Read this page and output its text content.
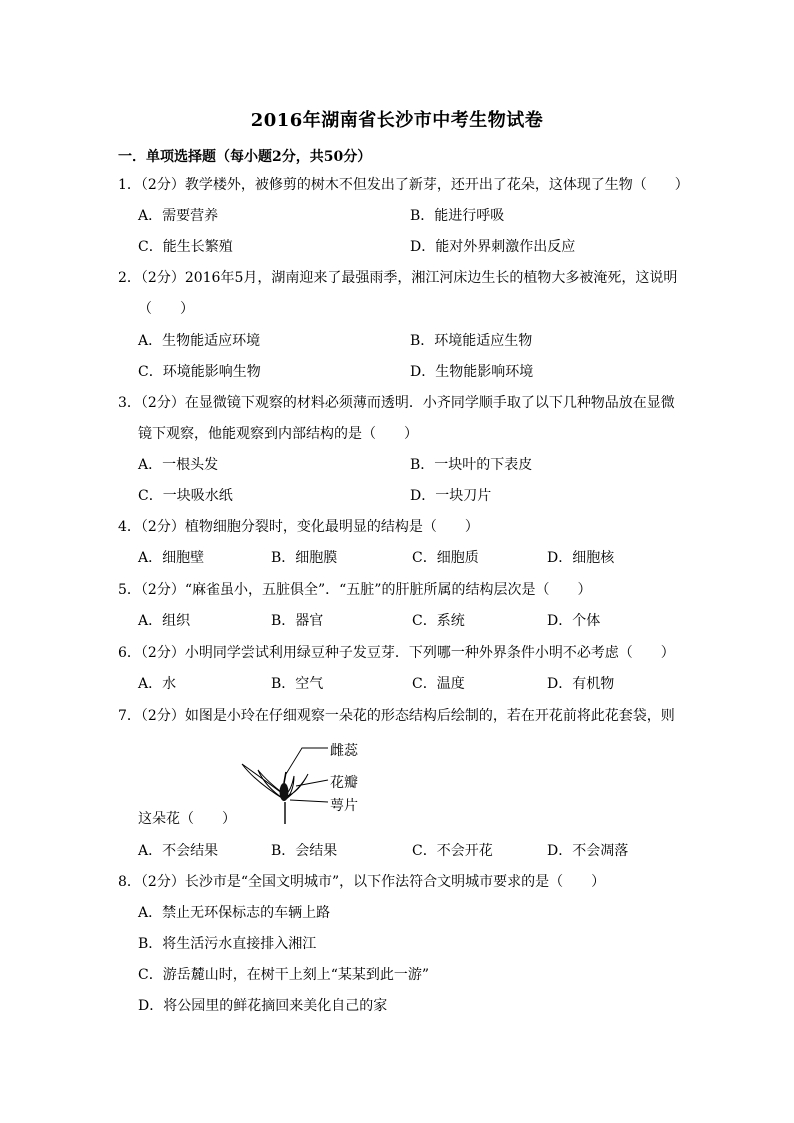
2016年湖南省长沙市中考生物试卷
一．单项选择题（每小题2分，共50分）
1．（2分）教学楼外，被修剪的树木不但发出了新芽，还开出了花朵，这体现了生物（　　）
A．需要营养	B．能进行呼吸
C．能生长繁殖	D．能对外界刺激作出反应
2．（2分）2016年5月，湖南迎来了最强雨季，湘江河床边生长的植物大多被淹死，这说明
（　　）
A．生物能适应环境	B．环境能适应生物
C．环境能影响生物	D．生物能影响环境
3．（2分）在显微镜下观察的材料必须薄而透明．小齐同学顺手取了以下几种物品放在显微
镜下观察，他能观察到内部结构的是（　　）
A．一根头发	B．一块叶的下表皮
C．一块吸水纸	D．一块刀片
4．（2分）植物细胞分裂时，变化最明显的结构是（　　）
A．细胞壁	B．细胞膜	C．细胞质	D．细胞核
5．（2分）“麻雀虽小，五脏俱全”．“五脏”的肝脏所属的结构层次是（　　）
A．组织	B．器官	C．系统	D．个体
6．（2分）小明同学尝试利用绿豆种子发豆芽．下列哪一种外界条件小明不必考虑（　　）
A．水	B．空气	C．温度	D．有机物
7．（2分）如图是小玲在仔细观察一朵花的形态结构后绘制的，若在开花前将此花套袋，则
雌蕊
花瓣
萼片
这朵花（　　）
A．不会结果	B．会结果	C．不会开花	D．不会凋落
8．（2分）长沙市是“全国文明城市”，以下作法符合文明城市要求的是（　　）
A．禁止无环保标志的车辆上路
B．将生活污水直接排入湘江
C．游岳麓山时，在树干上刻上“某某到此一游”
D．将公园里的鲜花摘回来美化自己的家
